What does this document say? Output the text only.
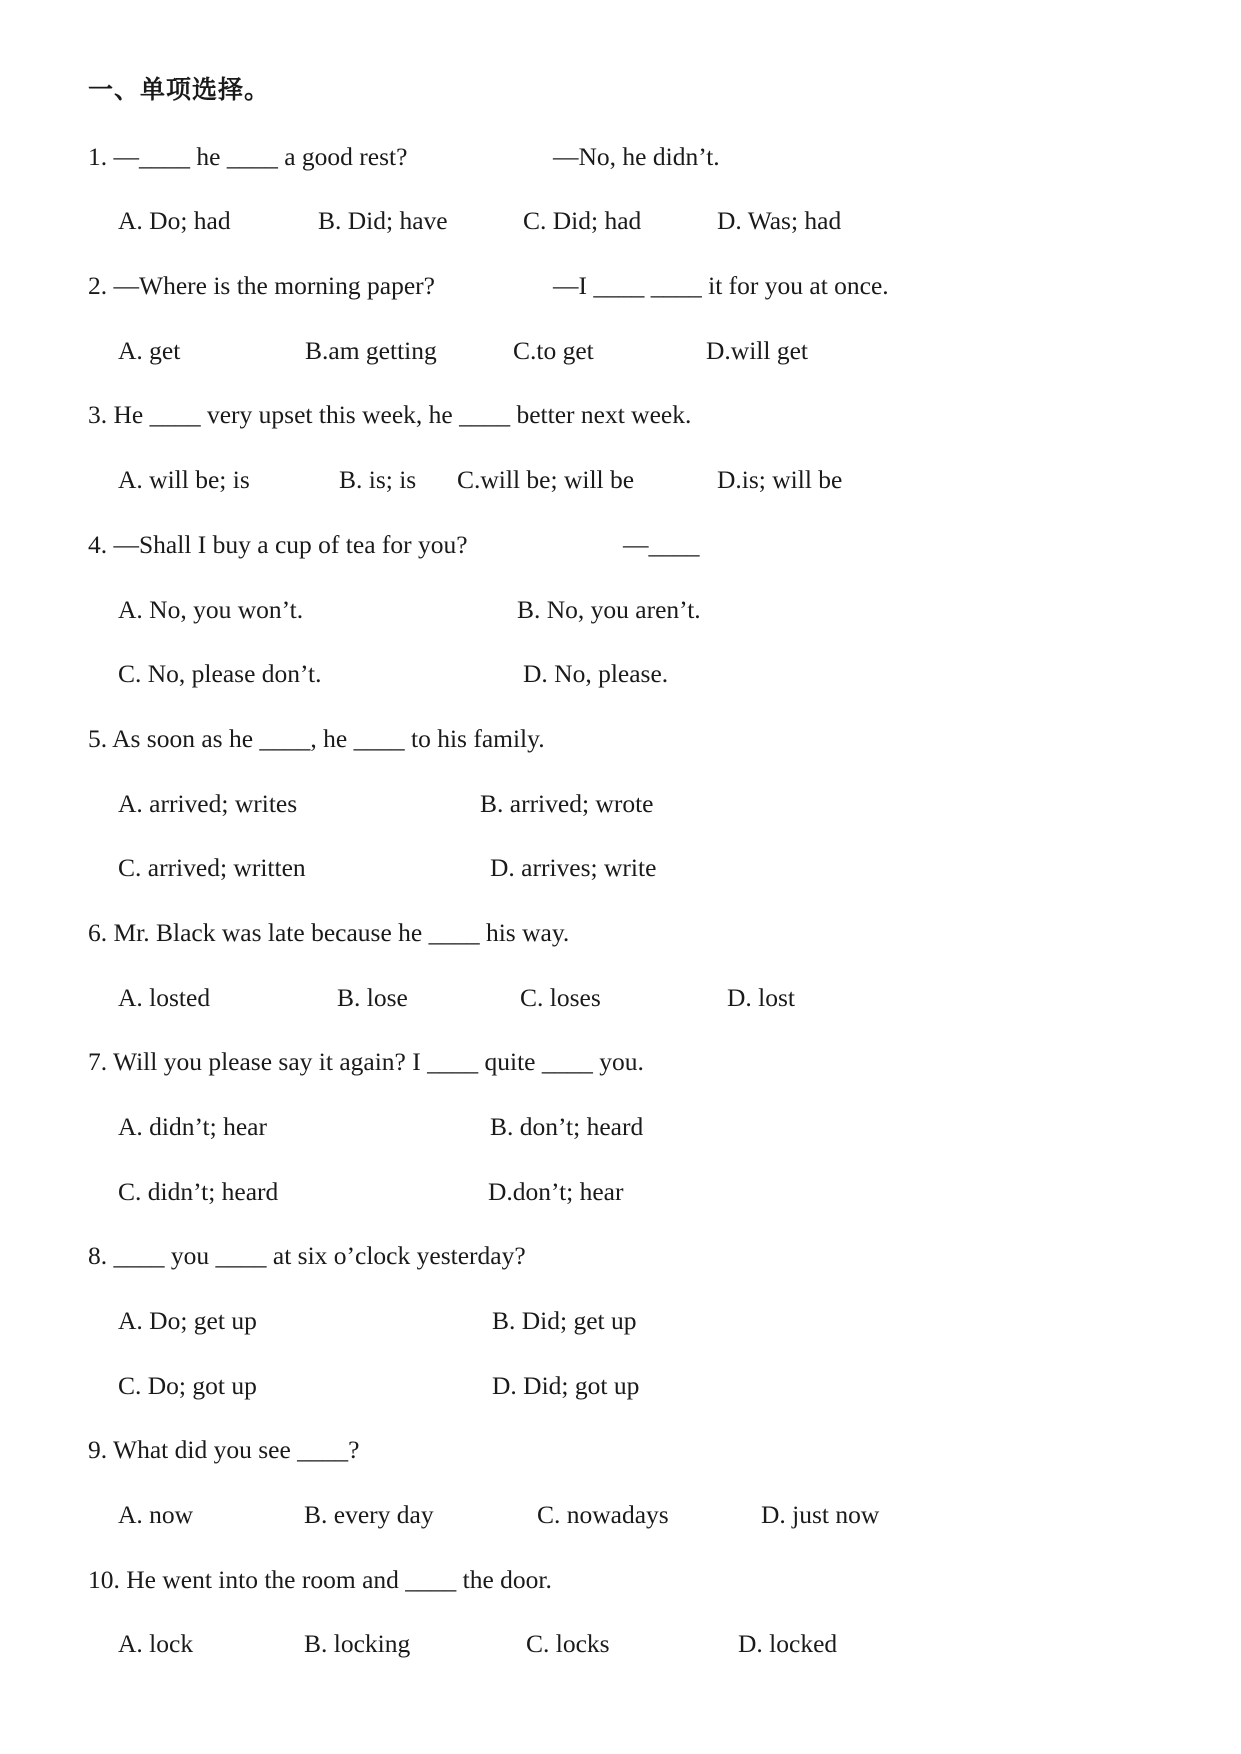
一、单项选择。
1. —____ he ____ a good rest?	—No, he didn’t.
A. Do; had	B. Did; have	C. Did; had	D. Was; had
2. —Where is the morning paper?	—I ____ ____ it for you at once.
A. get	B.am getting	C.to get	D.will get
3. He ____ very upset this week, he ____ better next week.
A. will be; is	B. is; is C.will be; will be	D.is; will be
4. —Shall I buy a cup of tea for you?	—____
A. No, you won’t.	B. No, you aren’t.
C. No, please don’t.	D. No, please.
5. As soon as he ____, he ____ to his family.
A. arrived; writes	B. arrived; wrote
C. arrived; written	D. arrives; write
6. Mr. Black was late because he ____ his way.
A. losted	B. lose	C. loses	D. lost
7. Will you please say it again? I ____ quite ____ you.
A. didn’t; hear	B. don’t; heard
C. didn’t; heard	D.don’t; hear
8. ____ you ____ at six o’clock yesterday?
A. Do; get up	B. Did; get up
C. Do; got up	D. Did; got up
9. What did you see ____?
A. now	B. every day	C. nowadays	D. just now
10. He went into the room and ____ the door.
A. lock	B. locking	C. locks	D. locked
